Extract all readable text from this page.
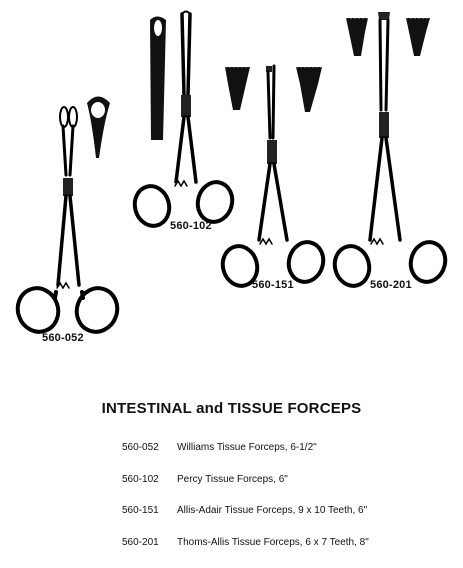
560-052
560-102
560-151	560-201
INTESTINAL and TISSUE FORCEPS
560-052	Williams Tissue Forceps, 6-1/2"
560-102	Percy Tissue Forceps, 6"
560-151	Allis-Adair Tissue Forceps, 9 x 10 Teeth, 6"
560-201	Thoms-Allis Tissue Forceps, 6 x 7 Teeth, 8"
